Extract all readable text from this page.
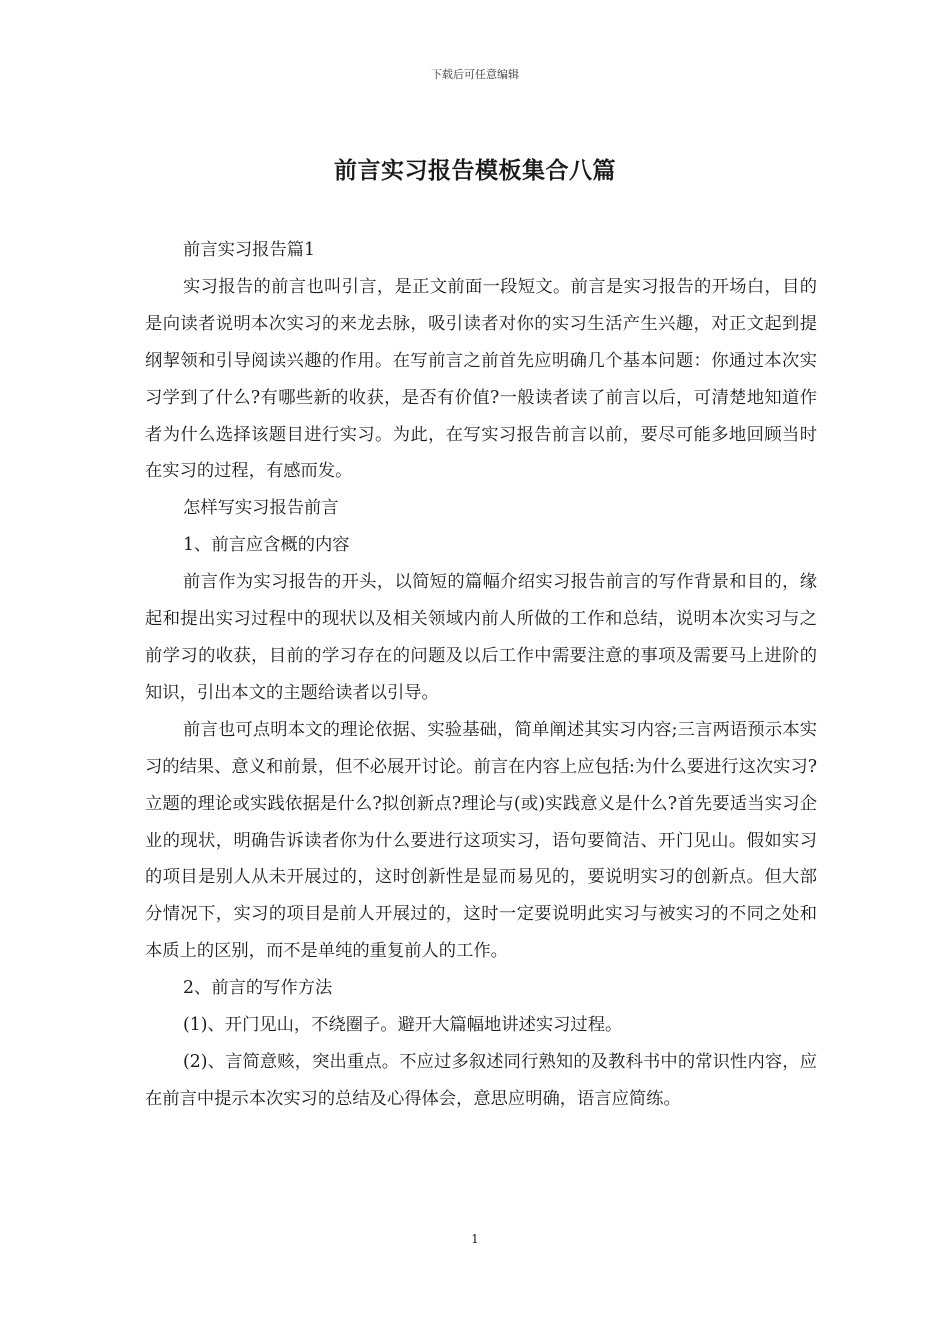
下载后可任意编辑
前言实习报告模板集合八篇

前言实习报告篇1

实习报告的前言也叫引言，是正文前面一段短文。前言是实习报告的开场白，目的是向读者说明本次实习的来龙去脉，吸引读者对你的实习生活产生兴趣，对正文起到提纲挈领和引导阅读兴趣的作用。在写前言之前首先应明确几个基本问题：你通过本次实习学到了什么?有哪些新的收获，是否有价值?一般读者读了前言以后，可清楚地知道作者为什么选择该题目进行实习。为此，在写实习报告前言以前，要尽可能多地回顾当时在实习的过程，有感而发。

怎样写实习报告前言

1、前言应含概的内容

前言作为实习报告的开头，以简短的篇幅介绍实习报告前言的写作背景和目的，缘起和提出实习过程中的现状以及相关领域内前人所做的工作和总结，说明本次实习与之前学习的收获，目前的学习存在的问题及以后工作中需要注意的事项及需要马上进阶的知识，引出本文的主题给读者以引导。

前言也可点明本文的理论依据、实验基础，简单阐述其实习内容;三言两语预示本实习的结果、意义和前景，但不必展开讨论。前言在内容上应包括:为什么要进行这次实习?立题的理论或实践依据是什么?拟创新点?理论与(或)实践意义是什么?首先要适当实习企业的现状，明确告诉读者你为什么要进行这项实习，语句要简洁、开门见山。假如实习的项目是别人从未开展过的，这时创新性是显而易见的，要说明实习的创新点。但大部分情况下，实习的项目是前人开展过的，这时一定要说明此实习与被实习的不同之处和本质上的区别，而不是单纯的重复前人的工作。

2、前言的写作方法

(1)、开门见山，不绕圈子。避开大篇幅地讲述实习过程。

(2)、言简意赅，突出重点。不应过多叙述同行熟知的及教科书中的常识性内容，应在前言中提示本次实习的总结及心得体会，意思应明确，语言应简练。

1
